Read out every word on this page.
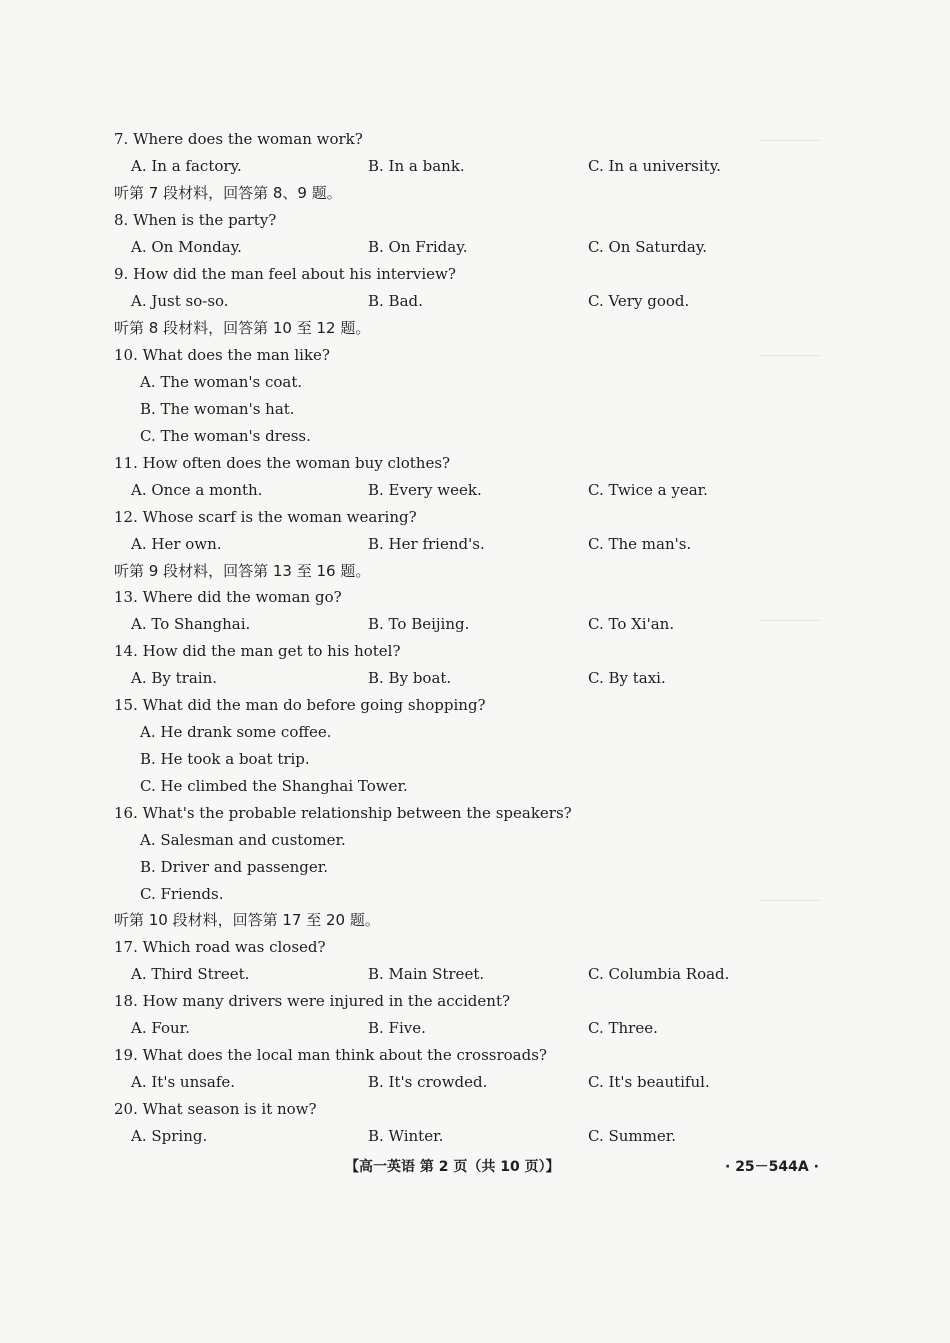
7. Where does the woman work?
A. In a factory.	B. In a bank.	C. In a university.
听第 7 段材料，回答第 8、9 题。
8. When is the party?
A. On Monday.	B. On Friday.	C. On Saturday.
9. How did the man feel about his interview?
A. Just so-so.	B. Bad.	C. Very good.
听第 8 段材料，回答第 10 至 12 题。
10. What does the man like?
A. The woman's coat.
B. The woman's hat.
C. The woman's dress.
11. How often does the woman buy clothes?
A. Once a month.	B. Every week.	C. Twice a year.
12. Whose scarf is the woman wearing?
A. Her own.	B. Her friend's.	C. The man's.
听第 9 段材料，回答第 13 至 16 题。
13. Where did the woman go?
A. To Shanghai.	B. To Beijing.	C. To Xi'an.
14. How did the man get to his hotel?
A. By train.	B. By boat.	C. By taxi.
15. What did the man do before going shopping?
A. He drank some coffee.
B. He took a boat trip.
C. He climbed the Shanghai Tower.
16. What's the probable relationship between the speakers?
A. Salesman and customer.
B. Driver and passenger.
C. Friends.
听第 10 段材料，回答第 17 至 20 题。
17. Which road was closed?
A. Third Street.	B. Main Street.	C. Columbia Road.
18. How many drivers were injured in the accident?
A. Four.	B. Five.	C. Three.
19. What does the local man think about the crossroads?
A. It's unsafe.	B. It's crowded.	C. It's beautiful.
20. What season is it now?
A. Spring.	B. Winter.	C. Summer.
【高一英语 第 2 页（共 10 页）】	· 25－544A ·
